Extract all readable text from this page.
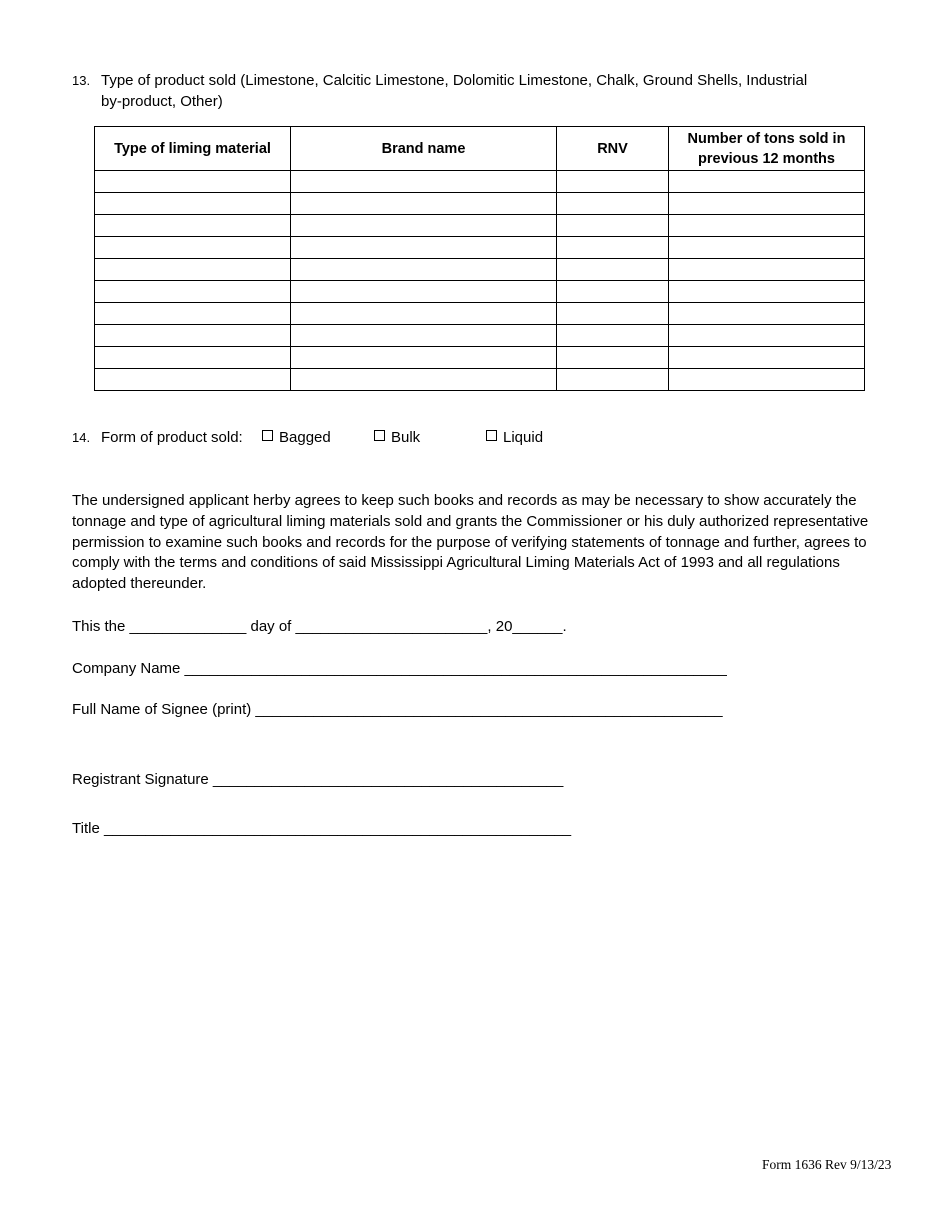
13. Type of product sold (Limestone, Calcitic Limestone, Dolomitic Limestone, Chalk, Ground Shells, Industrial by-product, Other)
Type of liming material	Brand name	RNV	Number of tons sold in previous 12 months

14. Form of product sold:	Bagged	Bulk	Liquid
The undersigned applicant herby agrees to keep such books and records as may be necessary to show accurately the tonnage and type of agricultural liming materials sold and grants the Commissioner or his duly authorized representative permission to examine such books and records for the purpose of verifying statements of tonnage and further, agrees to comply with the terms and conditions of said Mississippi Agricultural Liming Materials Act of 1993 and all regulations adopted thereunder.
This the ______________ day of _______________________, 20______.
Company Name _________________________________________________________________
Full Name of Signee (print) ________________________________________________________
Registrant Signature __________________________________________
Title ________________________________________________________
Form 1636 Rev 9/13/23
